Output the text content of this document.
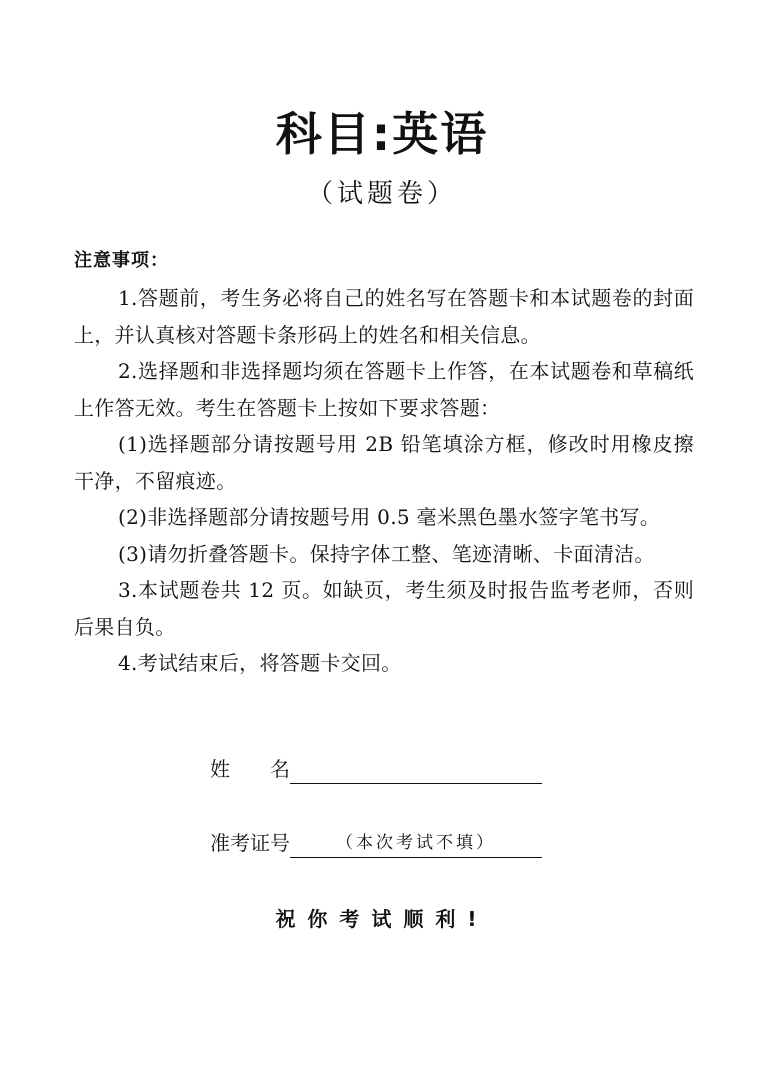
科目:英语
（试题卷）
注意事项：

1.答题前，考生务必将自己的姓名写在答题卡和本试题卷的封面上，并认真核对答题卡条形码上的姓名和相关信息。

2.选择题和非选择题均须在答题卡上作答，在本试题卷和草稿纸上作答无效。考生在答题卡上按如下要求答题：

(1)选择题部分请按题号用 2B 铅笔填涂方框，修改时用橡皮擦干净，不留痕迹。

(2)非选择题部分请按题号用 0.5 毫米黑色墨水签字笔书写。

(3)请勿折叠答题卡。保持字体工整、笔迹清晰、卡面清洁。

3.本试题卷共 12 页。如缺页，考生须及时报告监考老师，否则后果自负。

4.考试结束后，将答题卡交回。

姓　　名
准考证号	（本次考试不填）
祝你考试顺利!
